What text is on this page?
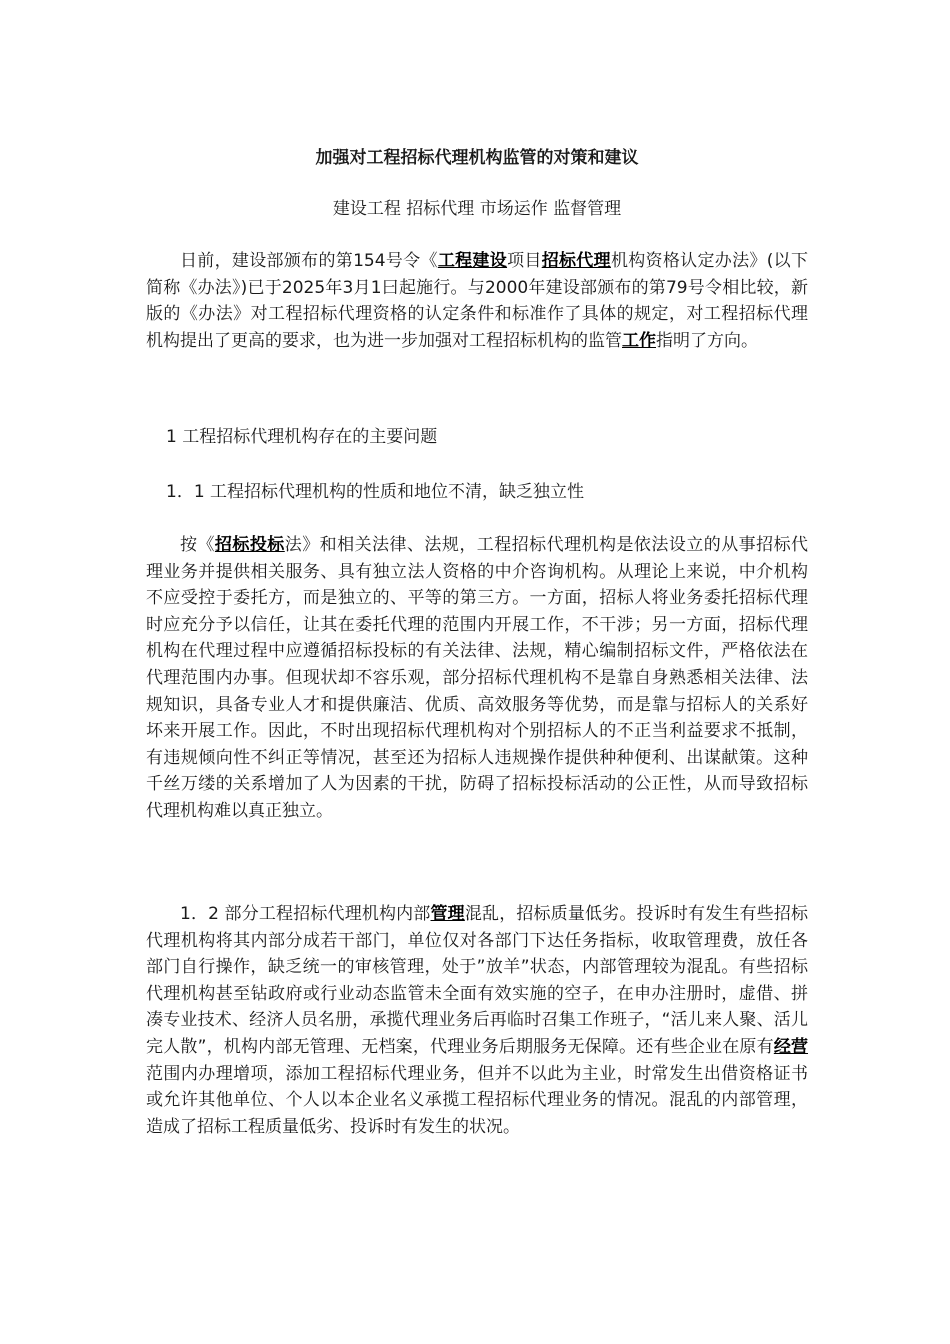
加强对工程招标代理机构监管的对策和建议
建设工程 招标代理 市场运作 监督管理

日前，建设部颁布的第154号令《工程建设项目招标代理机构资格认定办法》(以下简称《办法》)已于2025年3月1曰起施行。与2000年建设部颁布的第79号令相比较，新版的《办法》对工程招标代理资格的认定条件和标准作了具体的规定，对工程招标代理机构提出了更高的要求，也为进一步加强对工程招标机构的监管工作指明了方向。

1 工程招标代理机构存在的主要问题
1．1 工程招标代理机构的性质和地位不清，缺乏独立性

按《招标投标法》和相关法律、法规，工程招标代理机构是依法设立的从事招标代理业务并提供相关服务、具有独立法人资格的中介咨询机构。从理论上来说，中介机构不应受控于委托方，而是独立的、平等的第三方。一方面，招标人将业务委托招标代理时应充分予以信任，让其在委托代理的范围内开展工作，不干涉；另一方面，招标代理机构在代理过程中应遵循招标投标的有关法律、法规，精心编制招标文件，严格依法在代理范围内办事。但现状却不容乐观，部分招标代理机构不是靠自身熟悉相关法律、法规知识，具备专业人才和提供廉洁、优质、高效服务等优势，而是靠与招标人的关系好坏来开展工作。因此，不时出现招标代理机构对个别招标人的不正当利益要求不抵制，有违规倾向性不纠正等情况，甚至还为招标人违规操作提供种种便利、出谋献策。这种千丝万缕的关系增加了人为因素的干扰，防碍了招标投标活动的公正性，从而导致招标代理机构难以真正独立。

1．2 部分工程招标代理机构内部管理混乱，招标质量低劣。投诉时有发生有些招标代理机构将其内部分成若干部门，单位仅对各部门下达任务指标，收取管理费，放任各部门自行操作，缺乏统一的审核管理，处于”放羊”状态，内部管理较为混乱。有些招标代理机构甚至钻政府或行业动态监管未全面有效实施的空子，在申办注册时，虚借、拼凑专业技术、经济人员名册，承揽代理业务后再临时召集工作班子，“活儿来人聚、活儿完人散”，机构内部无管理、无档案，代理业务后期服务无保障。还有些企业在原有经营范围内办理增项，添加工程招标代理业务，但并不以此为主业，时常发生出借资格证书或允许其他单位、个人以本企业名义承揽工程招标代理业务的情况。混乱的内部管理，造成了招标工程质量低劣、投诉时有发生的状况。
